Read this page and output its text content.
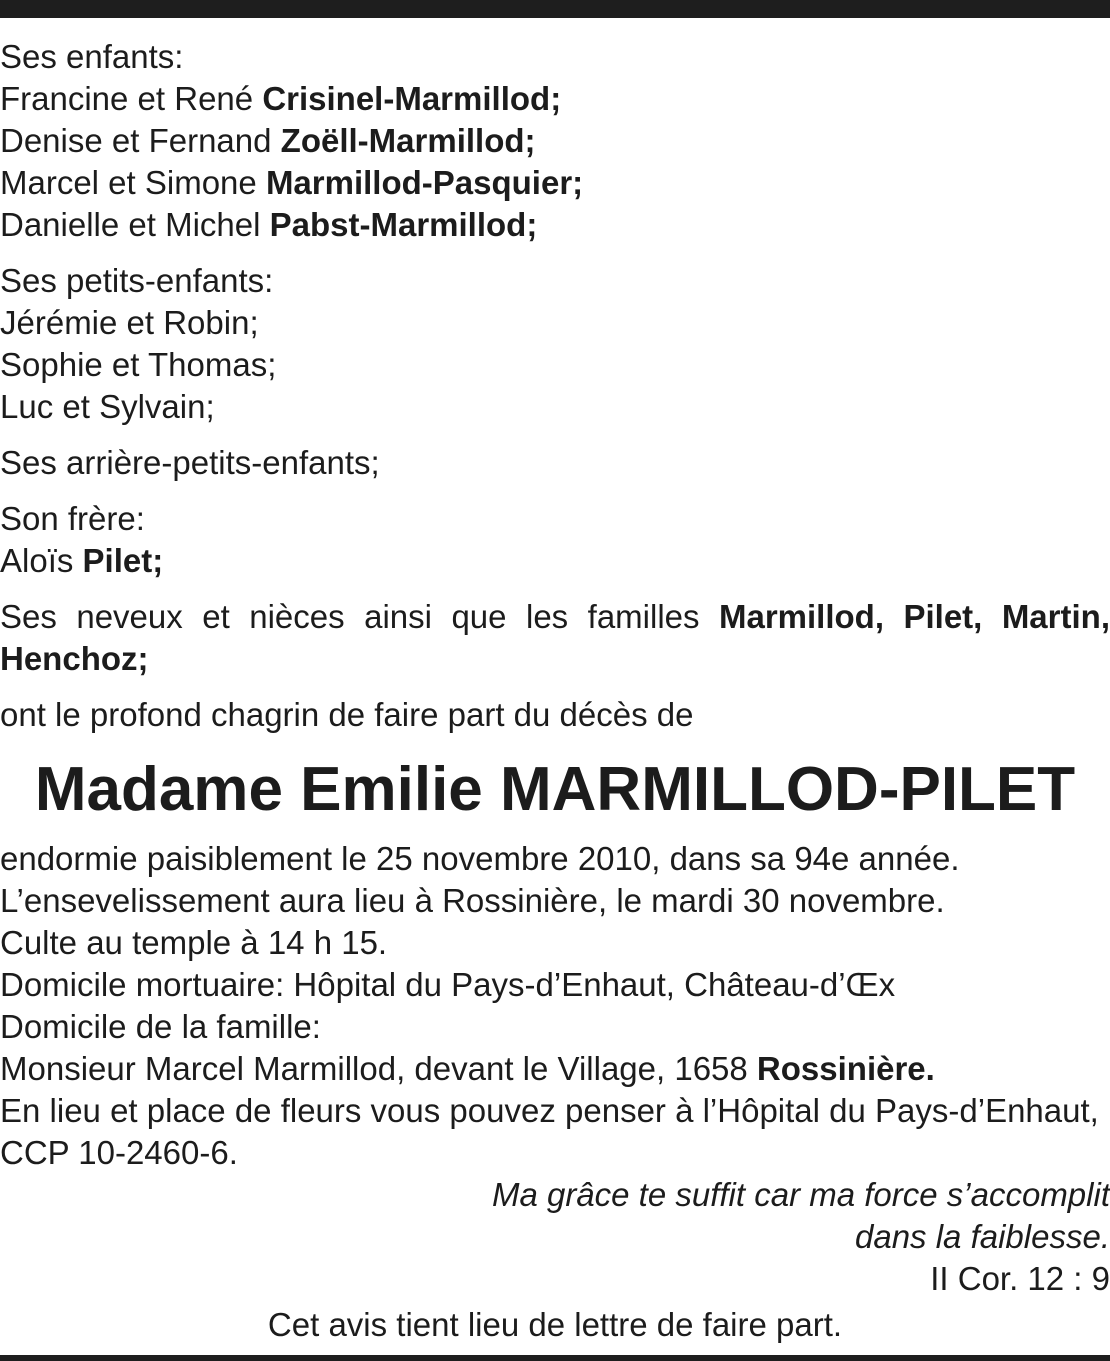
Ses enfants:
Francine et René Crisinel-Marmillod;
Denise et Fernand Zoëll-Marmillod;
Marcel et Simone Marmillod-Pasquier;
Danielle et Michel Pabst-Marmillod;
Ses petits-enfants:
Jérémie et Robin;
Sophie et Thomas;
Luc et Sylvain;
Ses arrière-petits-enfants;
Son frère:
Aloïs Pilet;
Ses neveux et nièces ainsi que les familles Marmillod, Pilet, Martin,
Henchoz;
ont le profond chagrin de faire part du décès de
Madame Emilie MARMILLOD-PILET
endormie paisiblement le 25 novembre 2010, dans sa 94e année.
L’ensevelissement aura lieu à Rossinière, le mardi 30 novembre.
Culte au temple à 14 h 15.
Domicile mortuaire: Hôpital du Pays-d’Enhaut, Château-d’Œx
Domicile de la famille:
Monsieur Marcel Marmillod, devant le Village, 1658 Rossinière.
En lieu et place de fleurs vous pouvez penser à l’Hôpital du Pays-d’Enhaut,
CCP 10-2460-6.
Ma grâce te suffit car ma force s’accomplit
dans la faiblesse.
II Cor. 12 : 9
Cet avis tient lieu de lettre de faire part.
